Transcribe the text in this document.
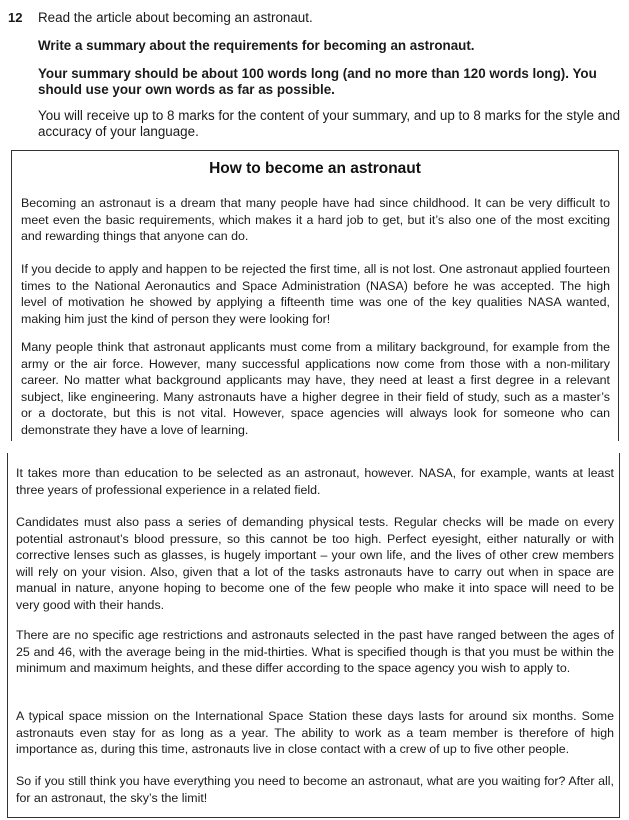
12 Read the article about becoming an astronaut.

Write a summary about the requirements for becoming an astronaut.

Your summary should be about 100 words long (and no more than 120 words long). You should use your own words as far as possible.

You will receive up to 8 marks for the content of your summary, and up to 8 marks for the style and accuracy of your language.

How to become an astronaut

Becoming an astronaut is a dream that many people have had since childhood. It can be very difficult to meet even the basic requirements, which makes it a hard job to get, but it’s also one of the most exciting and rewarding things that anyone can do.

If you decide to apply and happen to be rejected the first time, all is not lost. One astronaut applied fourteen times to the National Aeronautics and Space Administration (NASA) before he was accepted. The high level of motivation he showed by applying a fifteenth time was one of the key qualities NASA wanted, making him just the kind of person they were looking for!

Many people think that astronaut applicants must come from a military background, for example from the army or the air force. However, many successful applications now come from those with a non-military career. No matter what background applicants may have, they need at least a first degree in a relevant subject, like engineering. Many astronauts have a higher degree in their field of study, such as a master’s or a doctorate, but this is not vital. However, space agencies will always look for someone who can demonstrate they have a love of learning.

It takes more than education to be selected as an astronaut, however. NASA, for example, wants at least three years of professional experience in a related field.

Candidates must also pass a series of demanding physical tests. Regular checks will be made on every potential astronaut’s blood pressure, so this cannot be too high. Perfect eyesight, either naturally or with corrective lenses such as glasses, is hugely important – your own life, and the lives of other crew members will rely on your vision. Also, given that a lot of the tasks astronauts have to carry out when in space are manual in nature, anyone hoping to become one of the few people who make it into space will need to be very good with their hands.

There are no specific age restrictions and astronauts selected in the past have ranged between the ages of 25 and 46, with the average being in the mid-thirties. What is specified though is that you must be within the minimum and maximum heights, and these differ according to the space agency you wish to apply to.

A typical space mission on the International Space Station these days lasts for around six months. Some astronauts even stay for as long as a year. The ability to work as a team member is therefore of high importance as, during this time, astronauts live in close contact with a crew of up to five other people.

So if you still think you have everything you need to become an astronaut, what are you waiting for? After all, for an astronaut, the sky’s the limit!
